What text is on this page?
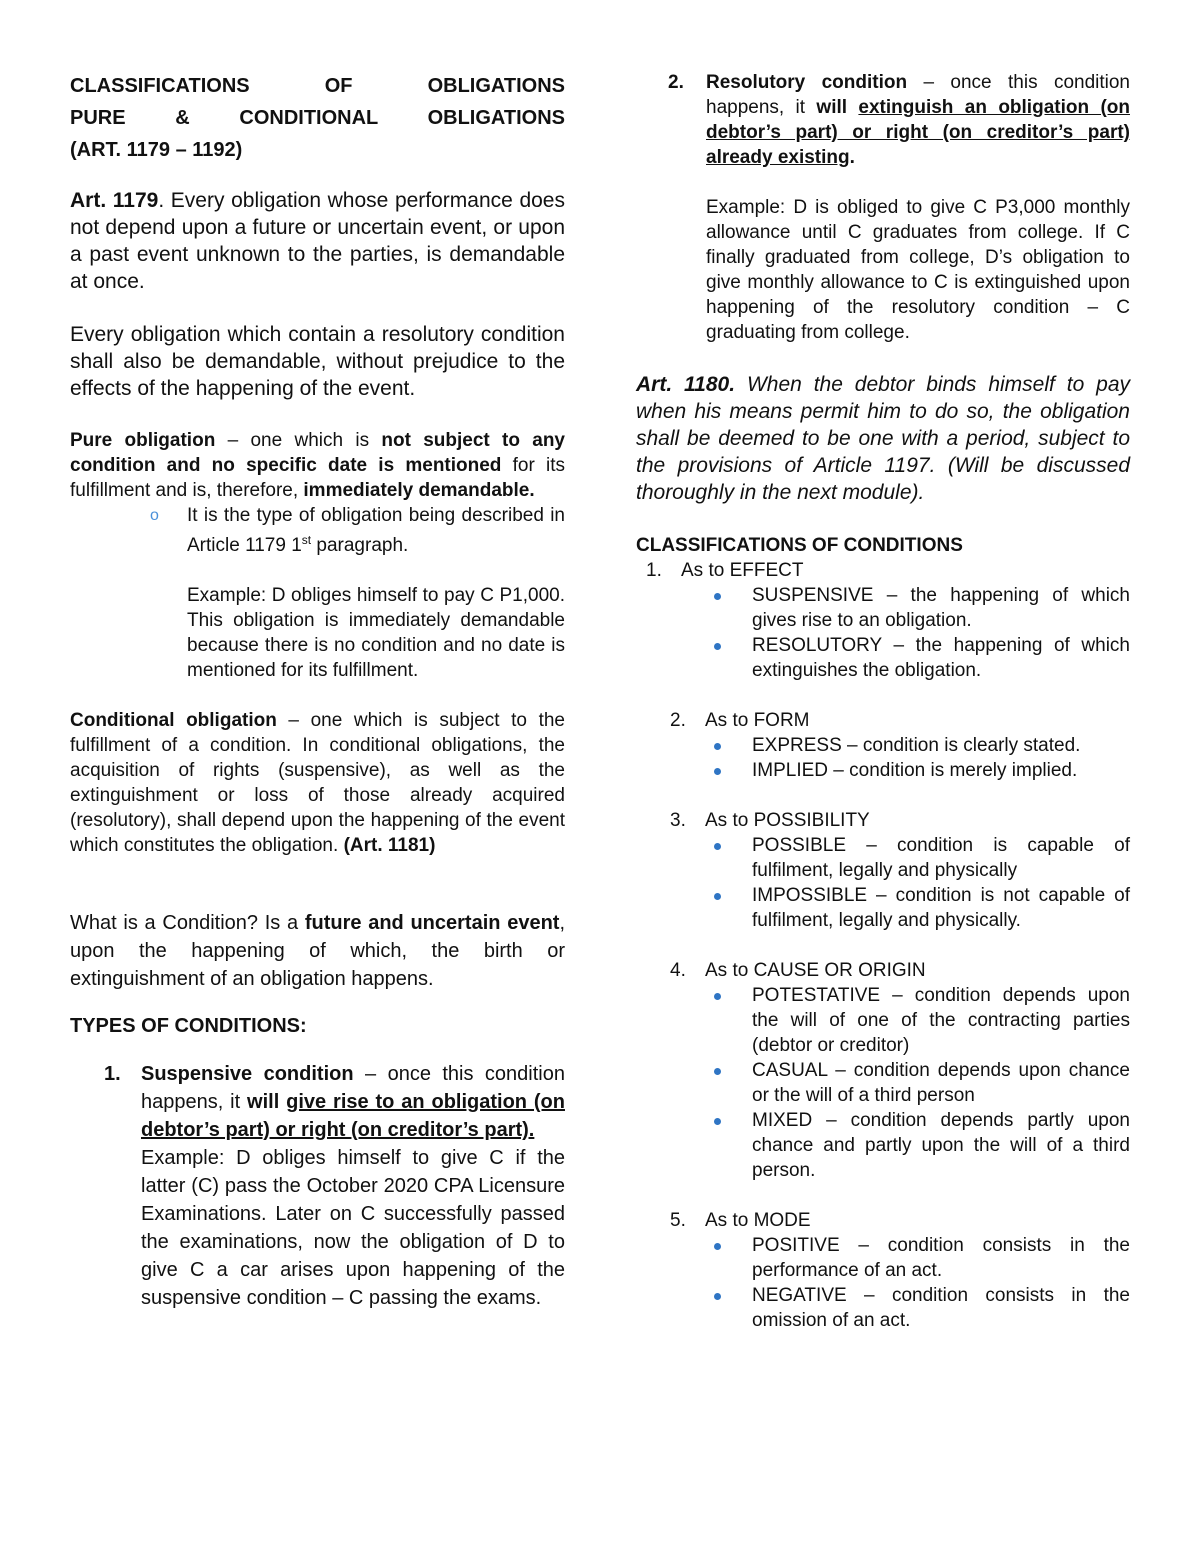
CLASSIFICATIONS OF OBLIGATIONS
PURE & CONDITIONAL OBLIGATIONS
(ART. 1179 – 1192)

Art. 1179. Every obligation whose performance does not depend upon a future or uncertain event, or upon a past event unknown to the parties, is demandable at once.

Every obligation which contain a resolutory condition shall also be demandable, without prejudice to the effects of the happening of the event.

Pure obligation – one which is not subject to any condition and no specific date is mentioned for its fulfillment and is, therefore, immediately demandable.

o It is the type of obligation being described in Article 1179 1st paragraph.

Example: D obliges himself to pay C P1,000. This obligation is immediately demandable because there is no condition and no date is mentioned for its fulfillment.

Conditional obligation – one which is subject to the fulfillment of a condition. In conditional obligations, the acquisition of rights (suspensive), as well as the extinguishment or loss of those already acquired (resolutory), shall depend upon the happening of the event which constitutes the obligation. (Art. 1181)

What is a Condition? Is a future and uncertain event, upon the happening of which, the birth or extinguishment of an obligation happens.

TYPES OF CONDITIONS:
1. Suspensive condition – once this condition happens, it will give rise to an obligation (on debtor’s part) or right (on creditor’s part).

Example: D obliges himself to give C if the latter (C) pass the October 2020 CPA Licensure Examinations. Later on C successfully passed the examinations, now the obligation of D to give C a car arises upon happening of the suspensive condition – C passing the exams.

2. Resolutory condition – once this condition happens, it will extinguish an obligation (on debtor’s part) or right (on creditor’s part) already existing.

Example: D is obliged to give C P3,000 monthly allowance until C graduates from college. If C finally graduated from college, D’s obligation to give monthly allowance to C is extinguished upon happening of the resolutory condition – C graduating from college.

Art. 1180. When the debtor binds himself to pay when his means permit him to do so, the obligation shall be deemed to be one with a period, subject to the provisions of Article 1197. (Will be discussed thoroughly in the next module).

CLASSIFICATIONS OF CONDITIONS
1. As to EFFECT
SUSPENSIVE – the happening of which gives rise to an obligation.
RESOLUTORY – the happening of which extinguishes the obligation.
2. As to FORM
EXPRESS – condition is clearly stated.
IMPLIED – condition is merely implied.
3. As to POSSIBILITY
POSSIBLE – condition is capable of fulfilment, legally and physically
IMPOSSIBLE – condition is not capable of fulfilment, legally and physically.
4. As to CAUSE OR ORIGIN
POTESTATIVE – condition depends upon the will of one of the contracting parties (debtor or creditor)
CASUAL – condition depends upon chance or the will of a third person
MIXED – condition depends partly upon chance and partly upon the will of a third person.
5. As to MODE
POSITIVE – condition consists in the performance of an act.
NEGATIVE – condition consists in the omission of an act.
